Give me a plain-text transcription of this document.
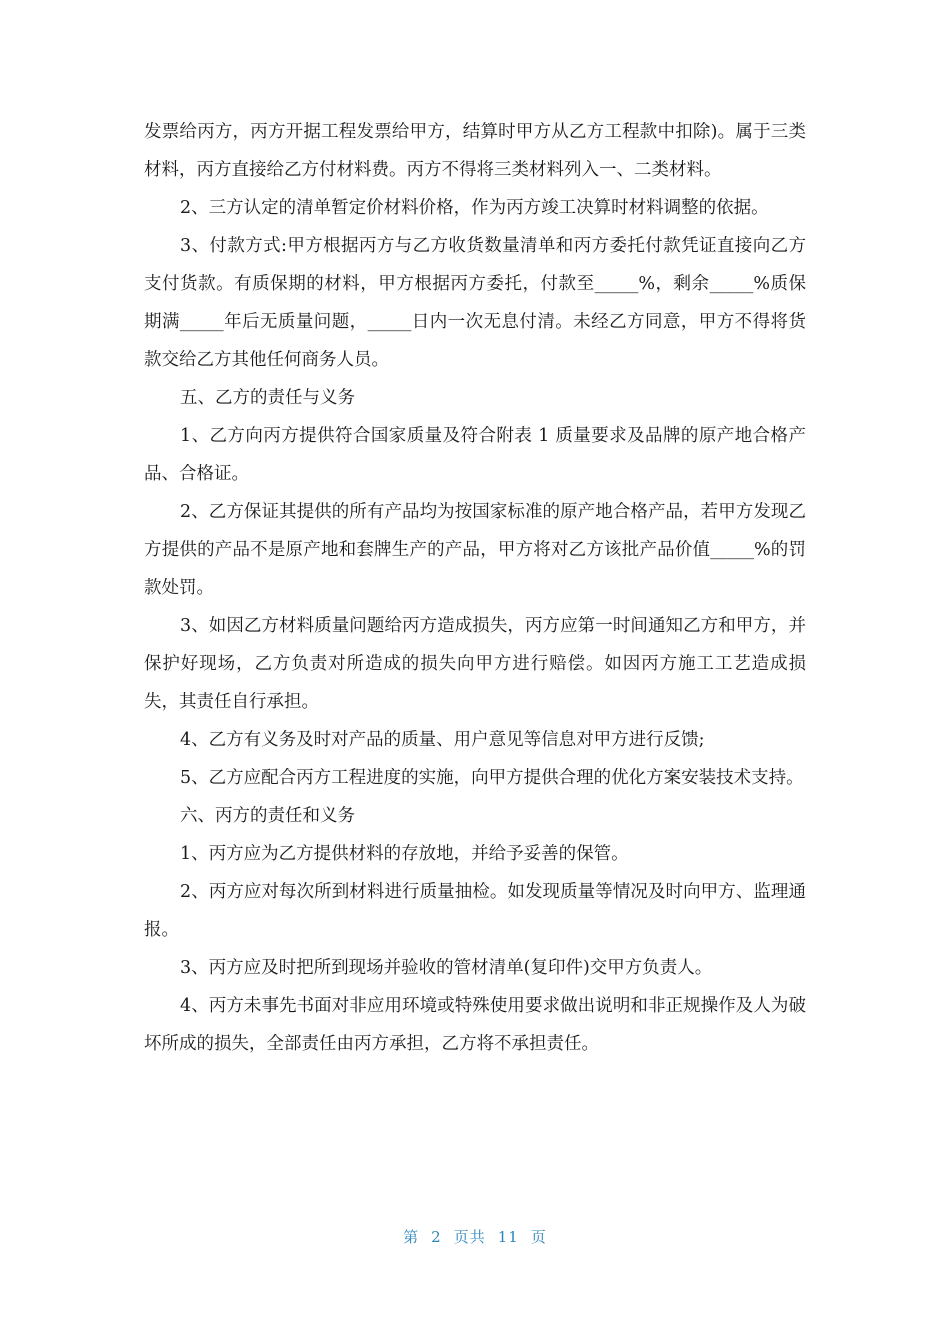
发票给丙方，丙方开据工程发票给甲方，结算时甲方从乙方工程款中扣除)。属于三类材料，丙方直接给乙方付材料费。丙方不得将三类材料列入一、二类材料。

2、三方认定的清单暂定价材料价格，作为丙方竣工决算时材料调整的依据。

3、付款方式:甲方根据丙方与乙方收货数量清单和丙方委托付款凭证直接向乙方支付货款。有质保期的材料，甲方根据丙方委托，付款至_____%，剩余_____%质保期满_____年后无质量问题，_____日内一次无息付清。未经乙方同意，甲方不得将货款交给乙方其他任何商务人员。

五、乙方的责任与义务

1、乙方向丙方提供符合国家质量及符合附表 1 质量要求及品牌的原产地合格产品、合格证。

2、乙方保证其提供的所有产品均为按国家标准的原产地合格产品，若甲方发现乙方提供的产品不是原产地和套牌生产的产品，甲方将对乙方该批产品价值_____%的罚款处罚。

3、如因乙方材料质量问题给丙方造成损失，丙方应第一时间通知乙方和甲方，并保护好现场，乙方负责对所造成的损失向甲方进行赔偿。如因丙方施工工艺造成损失，其责任自行承担。

4、乙方有义务及时对产品的质量、用户意见等信息对甲方进行反馈;

5、乙方应配合丙方工程进度的实施，向甲方提供合理的优化方案安装技术支持。

六、丙方的责任和义务

1、丙方应为乙方提供材料的存放地，并给予妥善的保管。

2、丙方应对每次所到材料进行质量抽检。如发现质量等情况及时向甲方、监理通报。

3、丙方应及时把所到现场并验收的管材清单(复印件)交甲方负责人。

4、丙方未事先书面对非应用环境或特殊使用要求做出说明和非正规操作及人为破坏所成的损失，全部责任由丙方承担，乙方将不承担责任。

第 2 页共 11 页
